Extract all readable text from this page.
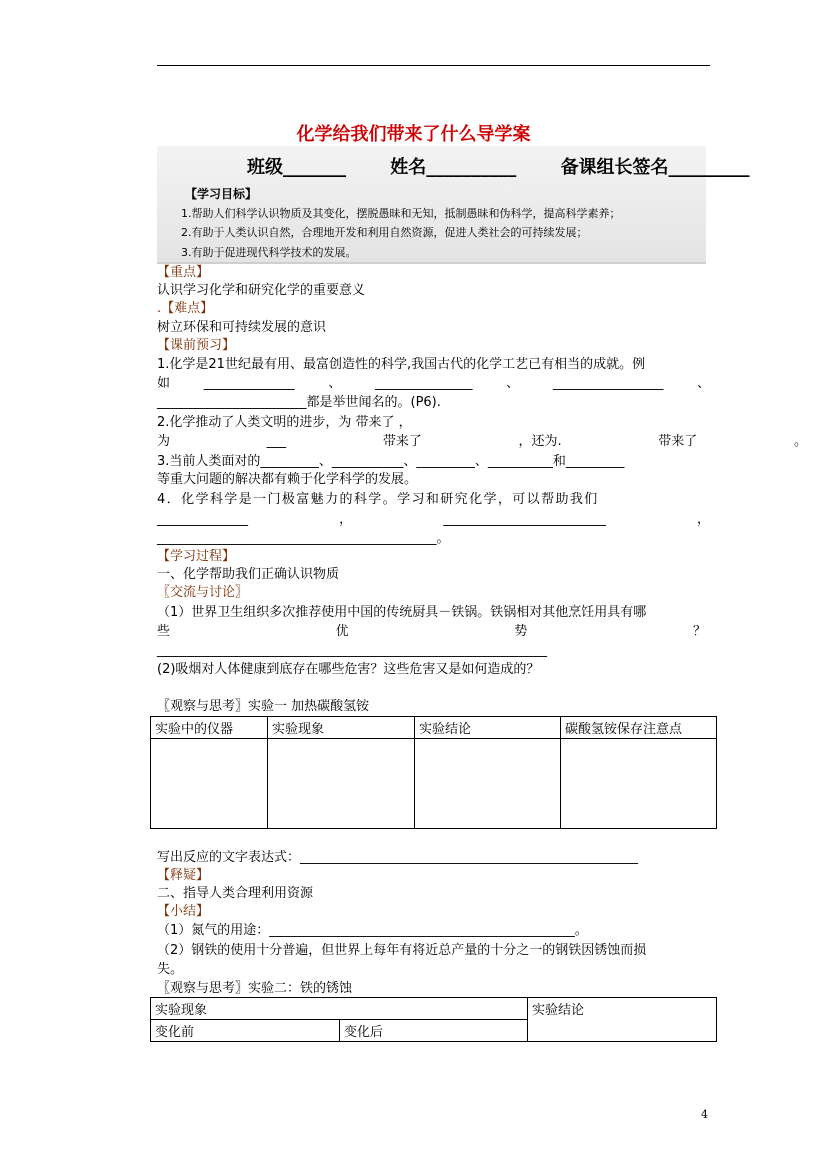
化学给我们带来了什么导学案
班级_______ 姓名__________ 备课组长签名_________
【学习目标】
1.帮助人们科学认识物质及其变化，摆脱愚昧和无知，抵制愚昧和伪科学，提高科学素养；
2.有助于人类认识自然，合理地开发和利用自然资源，促进人类社会的可持续发展；
3.有助于促进现代科学技术的发展。
【重点】
认识学习化学和研究化学的重要意义
.【难点】
树立环保和可持续发展的意识
【课前预习】
1.化学是21世纪最有用、最富创造性的科学,我国古代的化学工艺已有相当的成就。例
如	______________	、	_______________	、	_________________	、
_______________________都是举世闻名的。(P6).
2.化学推动了人类文明的进步，为 带来了 ，
为	___	带来了	，还为.	带来了	。
3.当前人类面对的_________、___________、_________、__________和_________
等重大问题的解决都有赖于化学科学的发展。
4．化学科学是一门极富魅力的科学。学习和研究化学，可以帮助我们
______________	，	_________________________	，
___________________________________________。
【学习过程】
一、化学帮助我们正确认识物质
〖交流与讨论〗
（1）世界卫生组织多次推荐使用中国的传统厨具－铁锅。铁锅相对其他烹饪用具有哪
些	优	势	？
____________________________________________________________
(2)吸烟对人体健康到底存在哪些危害？这些危害又是如何造成的？
〖观察与思考〗实验一 加热碳酸氢铵
实验中的仪器	实验现象	实验结论	碳酸氢铵保存注意点

写出反应的文字表达式：____________________________________________________
【释疑】
二、指导人类合理利用资源
【小结】
（1）氮气的用途：_______________________________________________。
（2）钢铁的使用十分普遍，但世界上每年有将近总产量的十分之一的钢铁因锈蚀而损
失。
〖观察与思考〗实验二：铁的锈蚀
实验现象		实验结论
变化前	变化后	
4
